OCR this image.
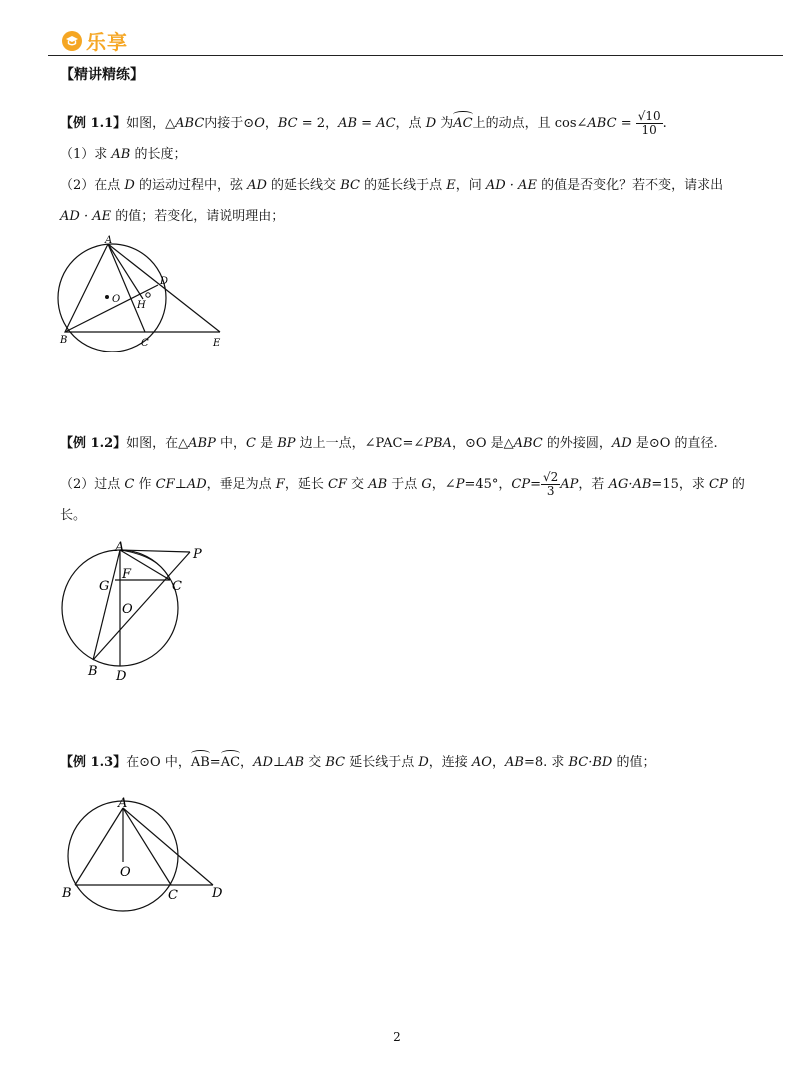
乐享
【精讲精练】
【例 1.1】如图，△ABC内接于⊙O，BC = 2，AB = AC，点 D 为AC上的动点，且 cos∠ABC = $\frac{√10}{10}$ .
（1）求 AB 的长度；
（2）在点 D 的运动过程中，弦 AD 的延长线交 BC 的延长线于点 E，问 AD · AE 的值是否变化？若不变，请求出
AD · AE 的值；若变化，请说明理由；
A
B	C
D
E
H
O
【例 1.2】如图，在△ABP 中，C 是 BP 边上一点，∠PAC=∠PBA，⊙O 是△ABC 的外接圆，AD 是⊙O 的直径.
（2）过点 C 作 CF⊥AD，垂足为点 F，延长 CF 交 AB 于点 G，∠P=45°，$CP= \frac{√2}{3}$ AP，若 AG·AB=15，求 CP 的
长。
A	P
G
F
C
O
B D
【例 1.3】在⊙O 中，AB=AC，AD⊥AB 交 BC 延长线于点 D，连接 AO，AB=8. 求 BC·BD 的值；
A
B	C	D
O
2
